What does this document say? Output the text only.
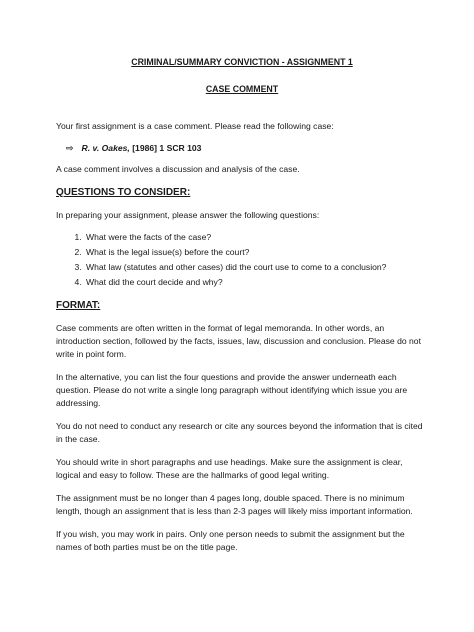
CRIMINAL/SUMMARY CONVICTION - ASSIGNMENT 1

CASE COMMENT

Your first assignment is a case comment. Please read the following case:

⇨ R. v. Oakes, [1986] 1 SCR 103

A case comment involves a discussion and analysis of the case.

QUESTIONS TO CONSIDER:

In preparing your assignment, please answer the following questions:

1. What were the facts of the case?
2. What is the legal issue(s) before the court?
3. What law (statutes and other cases) did the court use to come to a conclusion?
4. What did the court decide and why?

FORMAT:

Case comments are often written in the format of legal memoranda. In other words, an introduction section, followed by the facts, issues, law, discussion and conclusion. Please do not write in point form.

In the alternative, you can list the four questions and provide the answer underneath each question. Please do not write a single long paragraph without identifying which issue you are addressing.

You do not need to conduct any research or cite any sources beyond the information that is cited in the case.

You should write in short paragraphs and use headings. Make sure the assignment is clear, logical and easy to follow. These are the hallmarks of good legal writing.

The assignment must be no longer than 4 pages long, double spaced. There is no minimum length, though an assignment that is less than 2-3 pages will likely miss important information.

If you wish, you may work in pairs. Only one person needs to submit the assignment but the names of both parties must be on the title page.
